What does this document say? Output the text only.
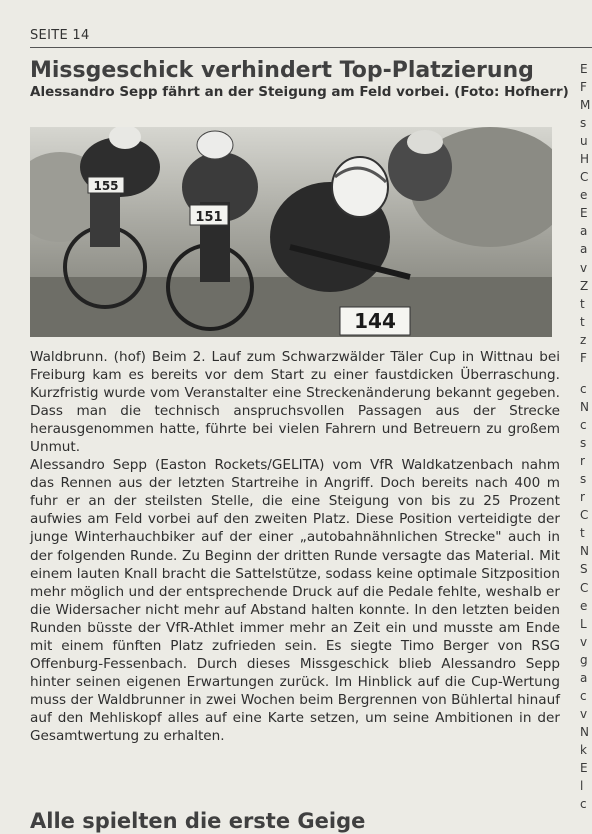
SEITE 14
Missgeschick verhindert Top-Platzierung

Alessandro Sepp fährt an der Steigung am Feld vorbei. (Foto: Hofherr)

155
151
144

Waldbrunn. (hof) Beim 2. Lauf zum Schwarzwälder Täler Cup in Wittnau bei Freiburg kam es bereits vor dem Start zu einer faustdicken Überraschung. Kurzfristig wurde vom Veranstalter eine Streckenänderung bekannt gegeben. Dass man die technisch anspruchsvollen Passagen aus der Strecke herausgenommen hatte, führte bei vielen Fahrern und Betreuern zu großem Unmut.

Alessandro Sepp (Easton Rockets/GELITA) vom VfR Waldkatzenbach nahm das Rennen aus der letzten Startreihe in Angriff. Doch bereits nach 400 m fuhr er an der steilsten Stelle, die eine Steigung von bis zu 25 Prozent aufwies am Feld vorbei auf den zweiten Platz. Diese Position verteidigte der junge Winterhauchbiker auf der einer „autobahnähnlichen Strecke" auch in der folgenden Runde. Zu Beginn der dritten Runde versagte das Material. Mit einem lauten Knall bracht die Sattelstütze, sodass keine optimale Sitzposition mehr möglich und der entsprechende Druck auf die Pedale fehlte, weshalb er die Widersacher nicht mehr auf Abstand halten konnte. In den letzten beiden Runden büsste der VfR-Athlet immer mehr an Zeit ein und musste am Ende mit einem fünften Platz zufrieden sein. Es siegte Timo Berger von RSG Offenburg-Fessenbach. Durch dieses Missgeschick blieb Alessandro Sepp hinter seinen eigenen Erwartungen zurück. Im Hinblick auf die Cup-Wertung muss der Waldbrunner in zwei Wochen beim Bergrennen von Bühlertal hinauf auf den Mehliskopf alles auf eine Karte setzen, um seine Ambitionen in der Gesamtwertung zu erhalten.

Alle spielten die erste Geige
E
F
M
s
u
H
C
e
E
a
a
v
Z
t
t
z
F
c
N
c
s
r
s
r
C
t
N
S
C
e
L
v
g
a
c
v
N
k
E
l
c
